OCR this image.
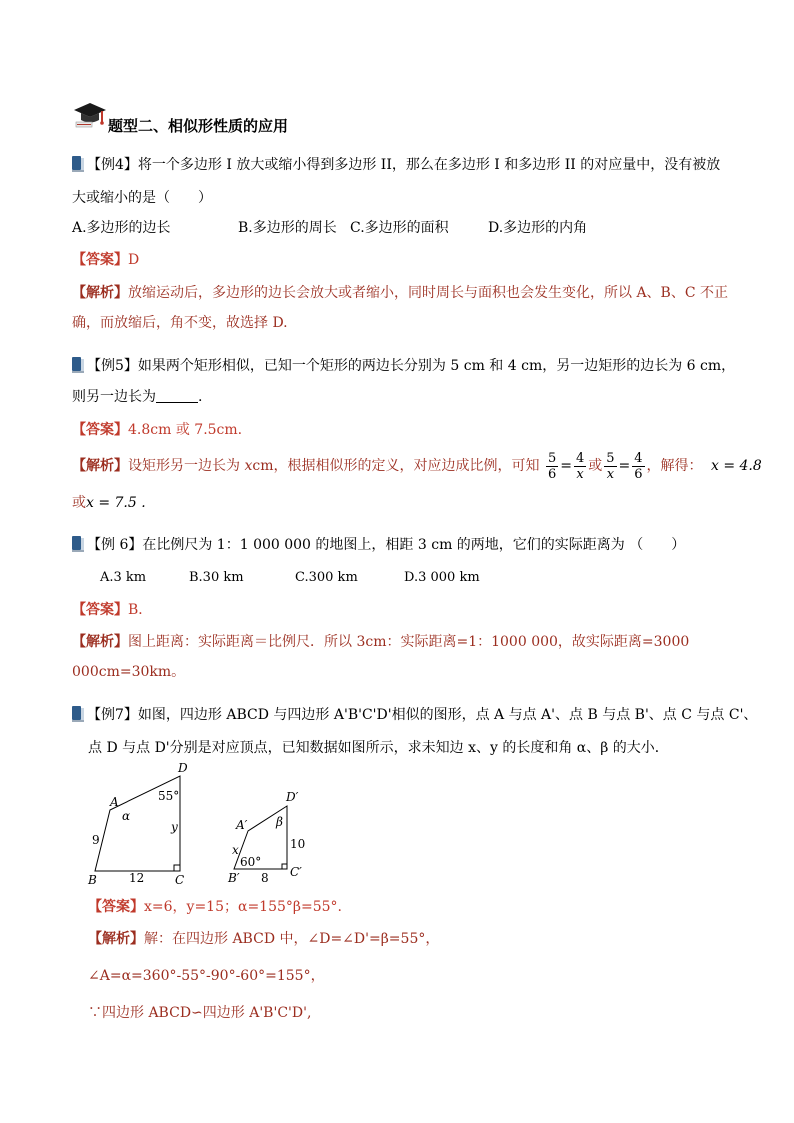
题型二、相似形性质的应用
【例4】将一个多边形 I 放大或缩小得到多边形 II，那么在多边形 I 和多边形 II 的对应量中，没有被放
大或缩小的是（　　）
A.多边形的边长	B.多边形的周长 C.多边形的面积	D.多边形的内角
【答案】D
【解析】放缩运动后，多边形的边长会放大或者缩小，同时周长与面积也会发生变化，所以 A、B、C 不正
确，而放缩后，角不变，故选择 D.
【例5】如果两个矩形相似，已知一个矩形的两边长分别为 5 cm 和 4 cm，另一边矩形的边长为 6 cm，
则另一边长为	.
【答案】4.8cm 或 7.5cm.
【解析】设矩形另一边长为 xcm，根据相似形的定义，对应边成比例，可知 $\frac{5}{6} = \frac{4}{x}$ 或 $\frac{5}{x} = \frac{4}{6}$ ，解得： x = 4.8
或x = 7.5 .
【例 6】在比例尺为 1：1 000 000 的地图上，相距 3 cm 的两地，它们的实际距离为 （　　）
A.3 km	B.30 km	C.300 km	D.3 000 km
【答案】B．
【解析】图上距离：实际距离＝比例尺．所以 3cm：实际距离=1：1000 000，故实际距离=3000
000cm=30km。
【例7】如图，四边形 ABCD 与四边形 A'B'C'D'相似的图形，点 A 与点 A'、点 B 与点 B'、点 C 与点 C'、
点 D 与点 D'分别是对应顶点，已知数据如图所示，求未知边 x、y 的长度和角 α、β 的大小．
A
B	C
D
α
55°
9
12
y	A′
B′	C′
D′
β
60°
x
8
10
【答案】x=6，y=15；α=155°β=55°.
【解析】解：在四边形 ABCD 中，∠D=∠D'=β=55°，
∠A=α=360°-55°-90°-60°=155°，
∵四边形 ABCD∽四边形 A'B'C'D',
